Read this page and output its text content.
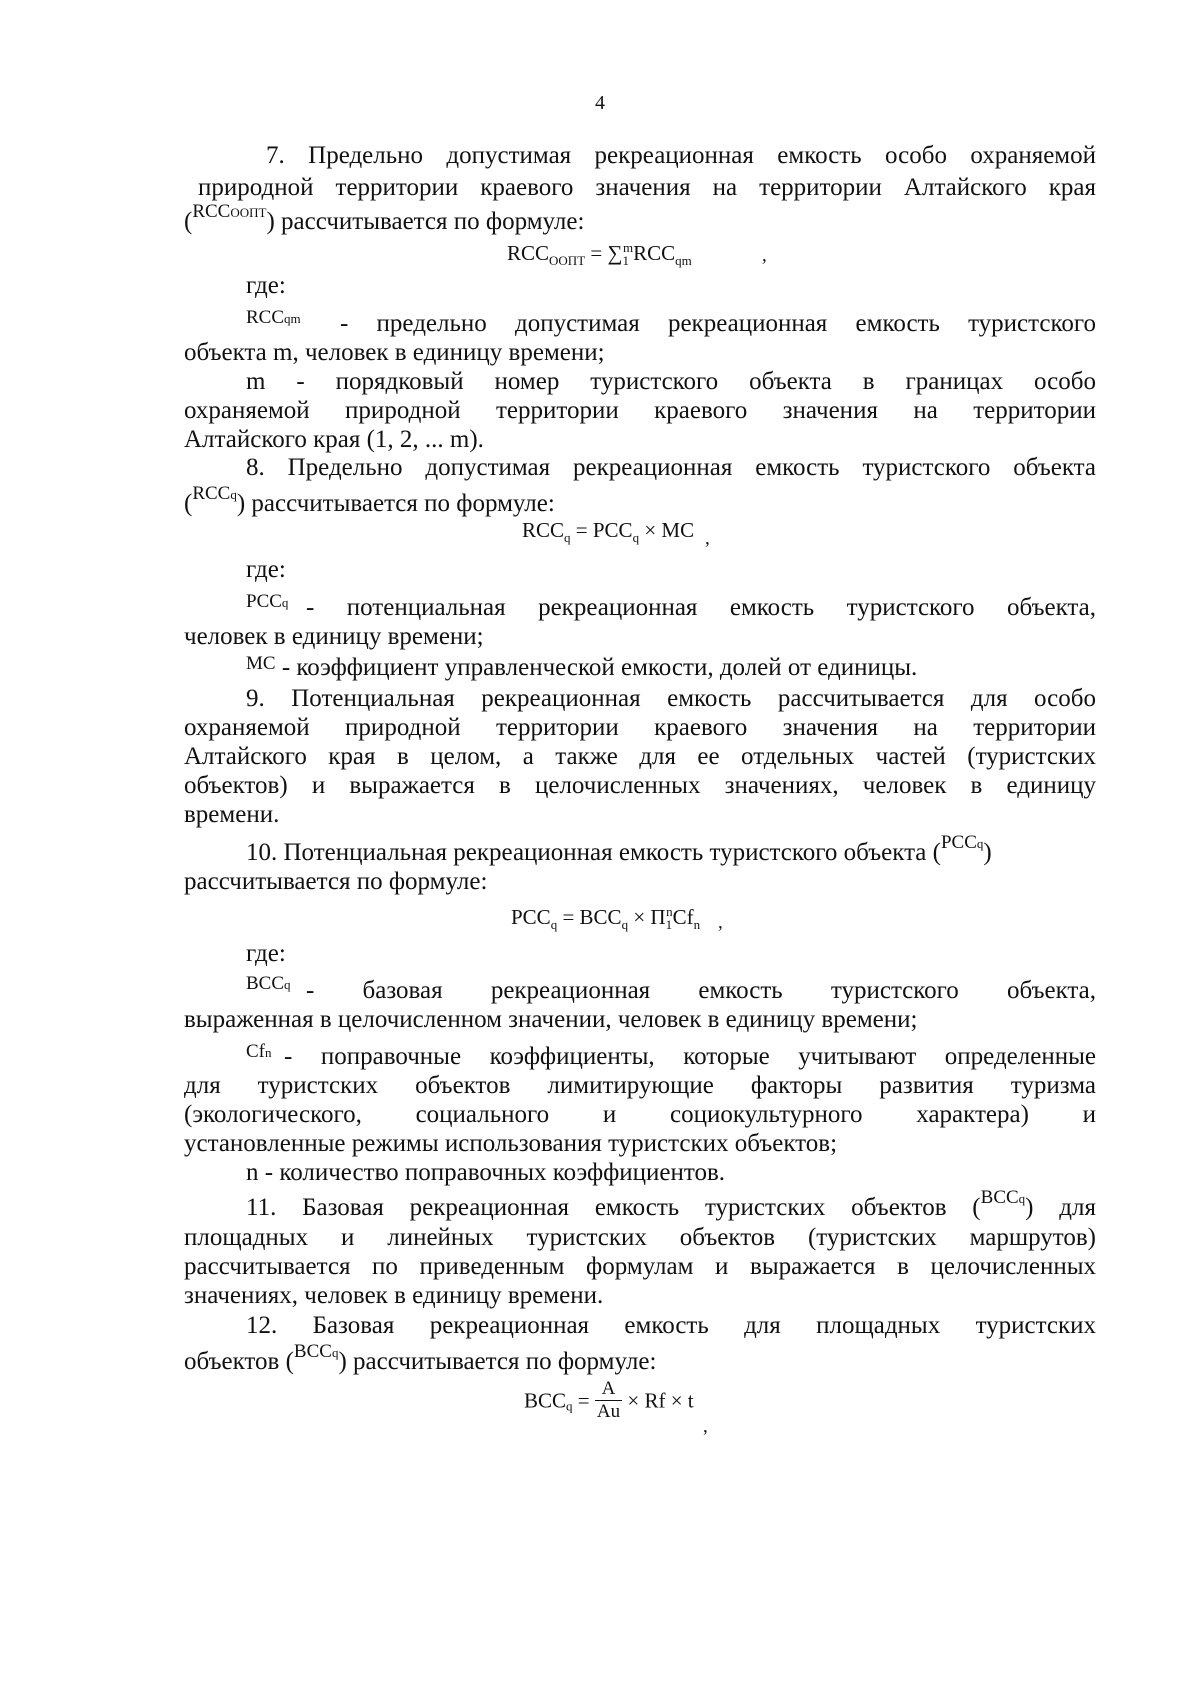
4
7. Предельно допустимая рекреационная емкость особо охраняемой
природной территории краевого значения на территории Алтайского края
(RCCООПТ) рассчитывается по формуле:
$RCC_{ООПТ} = \sum_1^mRCC_{qm}$	,
где:
RCCqm - предельно допустимая рекреационная емкость туристского
объекта m, человек в единицу времени;
m - порядковый номер туристского объекта в границах особо
охраняемой природной территории краевого значения на территории
Алтайского края (1, 2, ... m).
8. Предельно допустимая рекреационная емкость туристского объекта
(RCCq) рассчитывается по формуле:
$RCC_q = PCC_q$ × MC ,
где:
PCCq - потенциальная рекреационная емкость туристского объекта,
человек в единицу времени;
$^{MC}$ - коэффициент управленческой емкости, долей от единицы.
9. Потенциальная рекреационная емкость рассчитывается для особо
охраняемой природной территории краевого значения на территории
Алтайского края в целом, а также для ее отдельных частей (туристских
объектов) и выражается в целочисленных значениях, человек в единицу
времени.
10. Потенциальная рекреационная емкость туристского объекта (PCCq)
рассчитывается по формуле:
$PCC_q = BCC_q \times \Pi_1^nCf_n$ ,
где:
BCCq - базовая рекреационная емкость туристского объекта,
выраженная в целочисленном значении, человек в единицу времени;
Cfn - поправочные коэффициенты, которые учитывают определенные
для туристских объектов лимитирующие факторы развития туризма
(экологического, социального и социокультурного характера) и
установленные режимы использования туристских объектов;
n - количество поправочных коэффициентов.
11. Базовая рекреационная емкость туристских объектов (BCCq) для
площадных и линейных туристских объектов (туристских маршрутов)
рассчитывается по приведенным формулам и выражается в целочисленных
значениях, человек в единицу времени.
12. Базовая рекреационная емкость для площадных туристских
объектов (BCCq) рассчитывается по формуле:
$BCC_q = \frac{A}{Au} \times Rf \times t$
,
